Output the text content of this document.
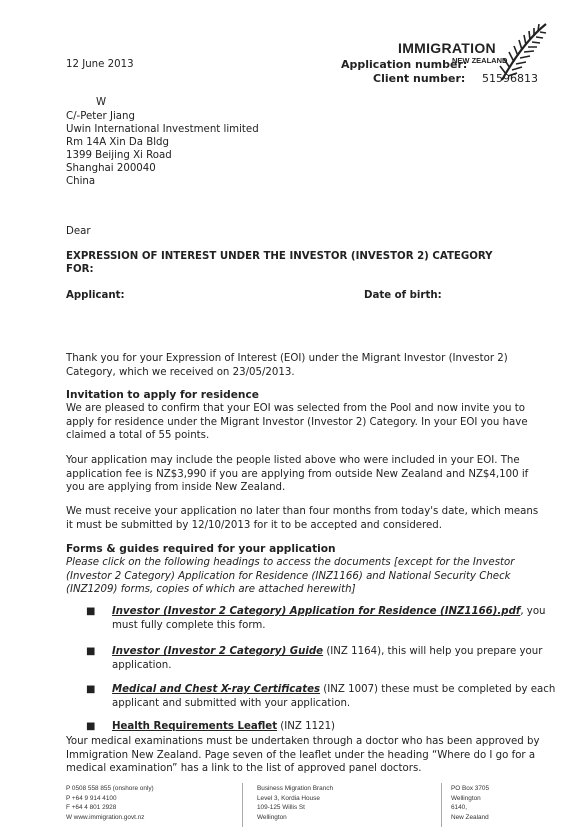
12 June 2013
IMMIGRATION
NEW ZEALAND
Application number:
Client number: 51596813
W
C/-Peter Jiang
Uwin International Investment limited
Rm 14A Xin Da Bldg
1399 Beijing Xi Road
Shanghai 200040
China
Dear
EXPRESSION OF INTEREST UNDER THE INVESTOR (INVESTOR 2) CATEGORY
FOR:
Applicant:	Date of birth:
Thank you for your Expression of Interest (EOI) under the Migrant Investor (Investor 2) Category, which we received on 23/05/2013.
Invitation to apply for residence
We are pleased to confirm that your EOI was selected from the Pool and now invite you to apply for residence under the Migrant Investor (Investor 2) Category. In your EOI you have claimed a total of 55 points.
Your application may include the people listed above who were included in your EOI. The application fee is NZ$3,990 if you are applying from outside New Zealand and NZ$4,100 if you are applying from inside New Zealand.
We must receive your application no later than four months from today's date, which means it must be submitted by 12/10/2013 for it to be accepted and considered.
Forms & guides required for your application
Please click on the following headings to access the documents [except for the Investor (Investor 2 Category) Application for Residence (INZ1166) and National Security Check (INZ1209) forms, copies of which are attached herewith]
■	Investor (Investor 2 Category) Application for Residence (INZ1166).pdf, you must fully complete this form.
■	Investor (Investor 2 Category) Guide (INZ 1164), this will help you prepare your application.
■	Medical and Chest X-ray Certificates (INZ 1007) these must be completed by each applicant and submitted with your application.
■	Health Requirements Leaflet (INZ 1121)
Your medical examinations must be undertaken through a doctor who has been approved by Immigration New Zealand. Page seven of the leaflet under the heading “Where do I go for a medical examination” has a link to the list of approved panel doctors.
P 0508 558 855 (onshore only)
P +64 9 914 4100
F +64 4 801 2928
W www.immigration.govt.nz
Business Migration Branch
Level 3, Kordia House
109-125 Willis St
Wellington
PO Box 3705
Wellington
6140,
New Zealand
